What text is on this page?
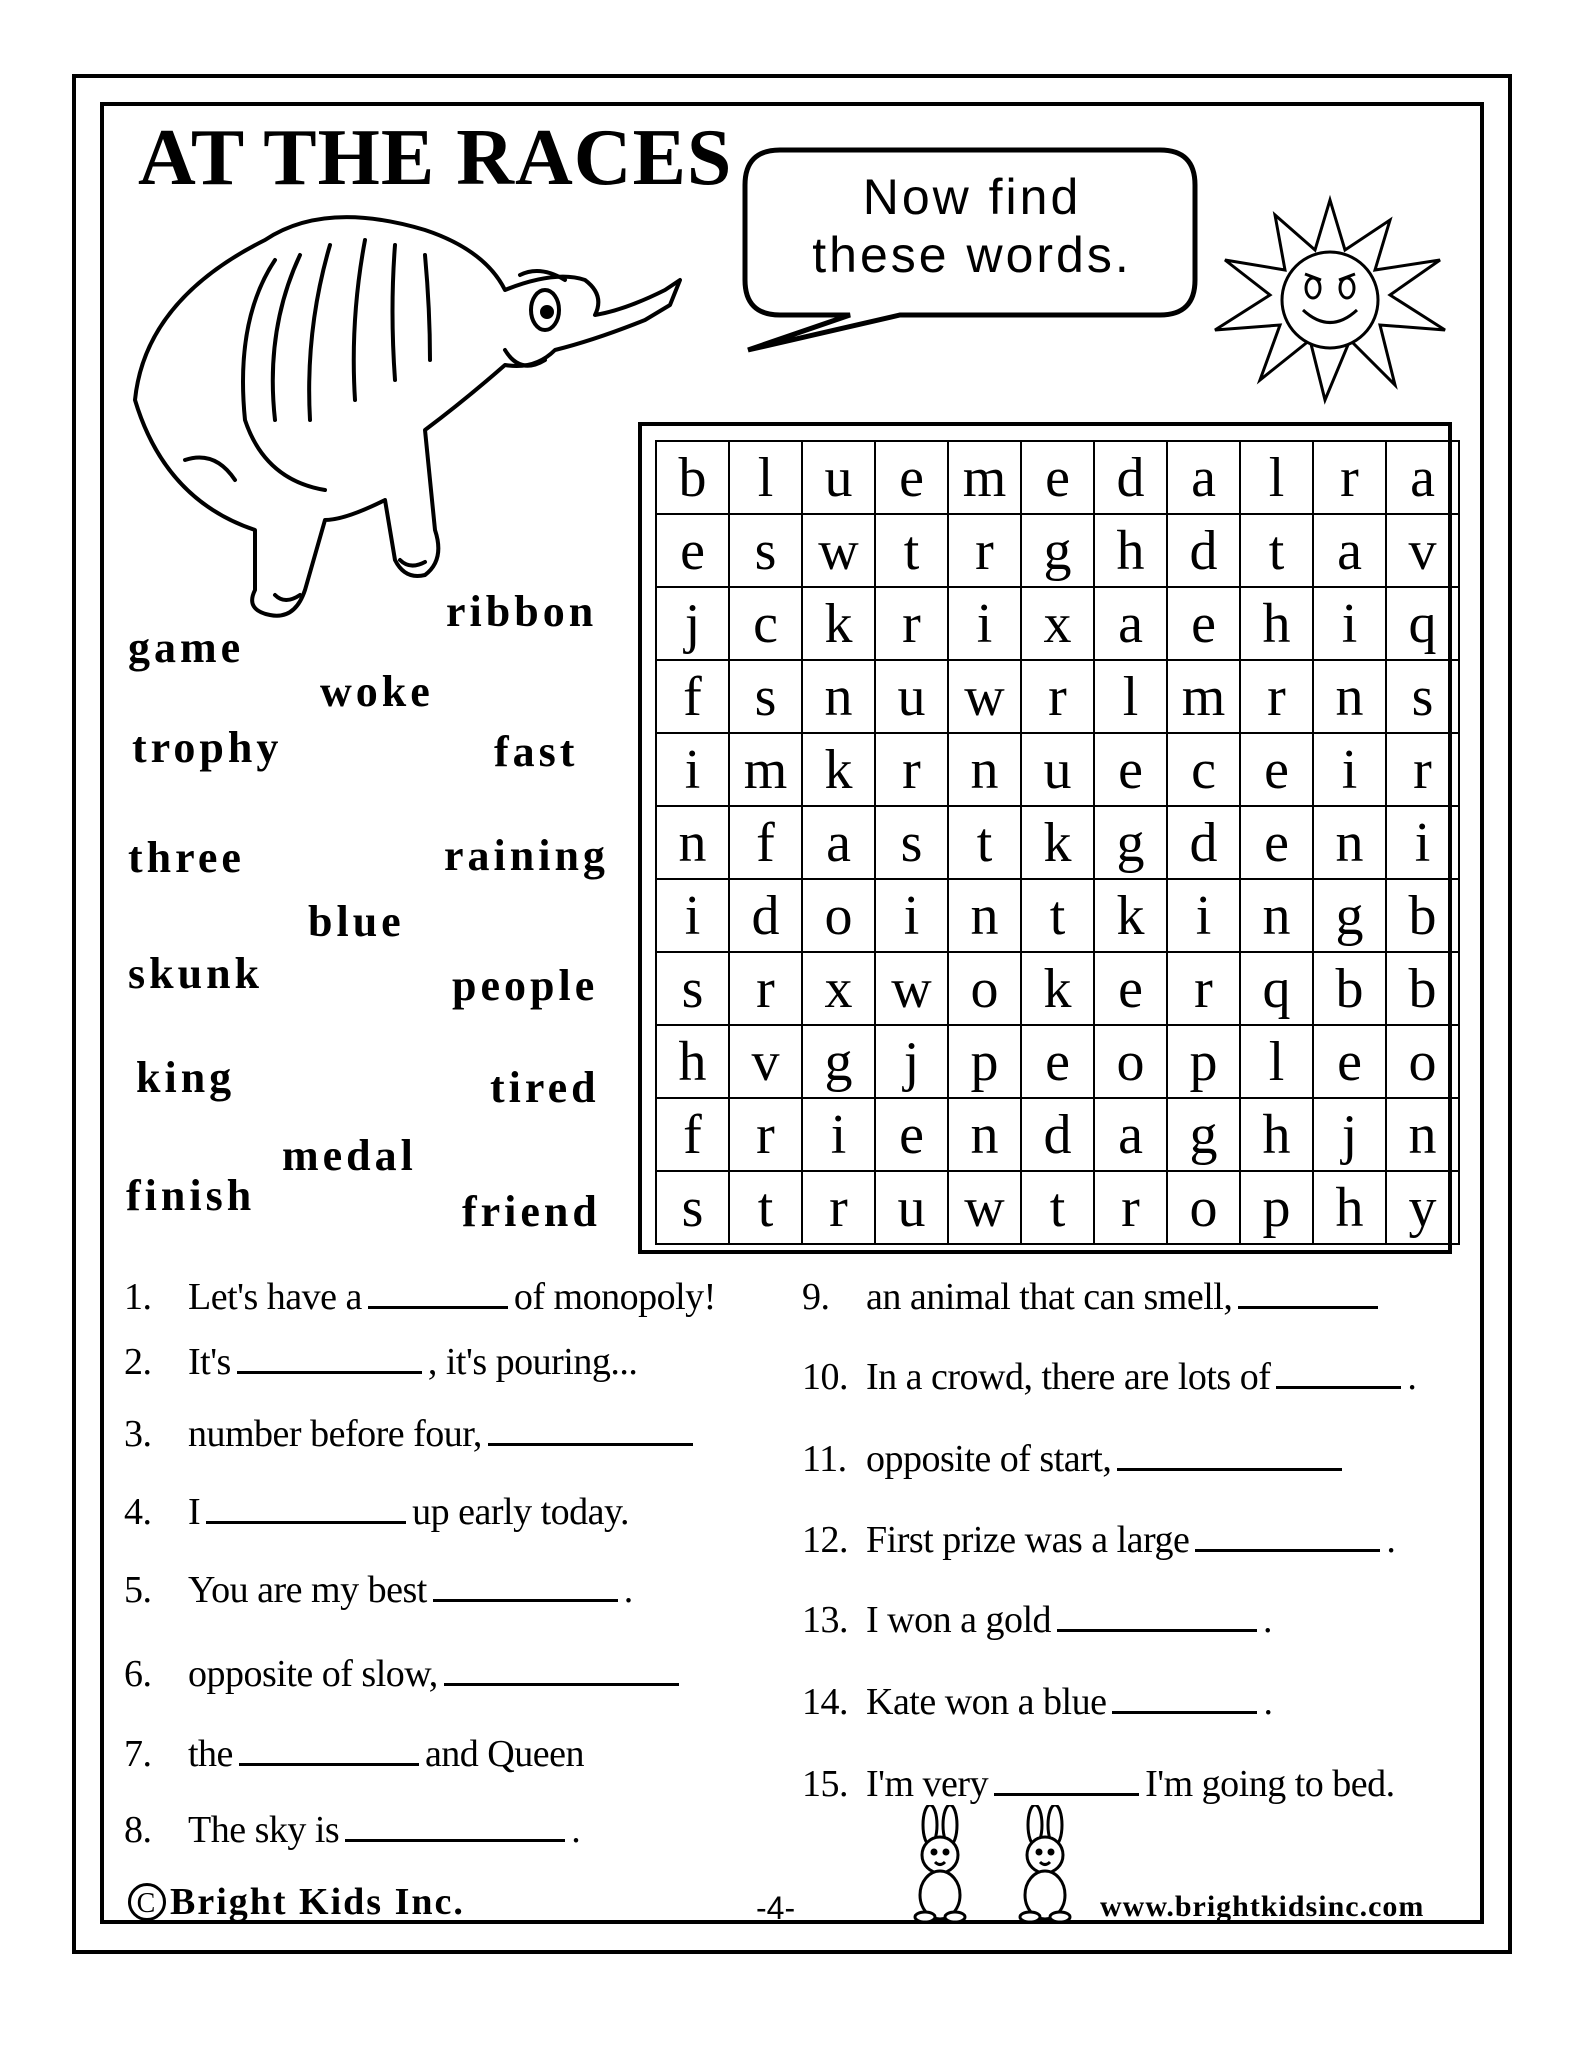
AT THE RACES	Now find
these words.
game
ribbon
woke
trophy	fast
three	raining
blue
skunk	people
king	tired
medal
finish	friend
b	l	u	e	m	e	d	a	l	r	a
e	s	w	t	r	g	h	d	t	a	v
j	c	k	r	i	x	a	e	h	i	q
f	s	n	u	w	r	l	m	r	n	s
i	m	k	r	n	u	e	c	e	i	r
n	f	a	s	t	k	g	d	e	n	i
i	d	o	i	n	t	k	i	n	g	b
s	r	x	w	o	k	e	r	q	b	b
h	v	g	j	p	e	o	p	l	e	o
f	r	i	e	n	d	a	g	h	j	n
s	t	r	u	w	t	r	o	p	h	y
1. Let's have a	of monopoly!
2. It's	, it's pouring...
3. number before four,
4. I	up early today.
5. You are my best	.
6. opposite of slow,
7. the	and Queen
8. The sky is	.
9. an animal that can smell,
10. In a crowd, there are lots of	.
11. opposite of start,
12. First prize was a large	.
13. I won a gold	.
14. Kate won a blue	.
15. I'm very	I'm going to bed.
C Bright Kids Inc.	-4-	www.brightkidsinc.com
